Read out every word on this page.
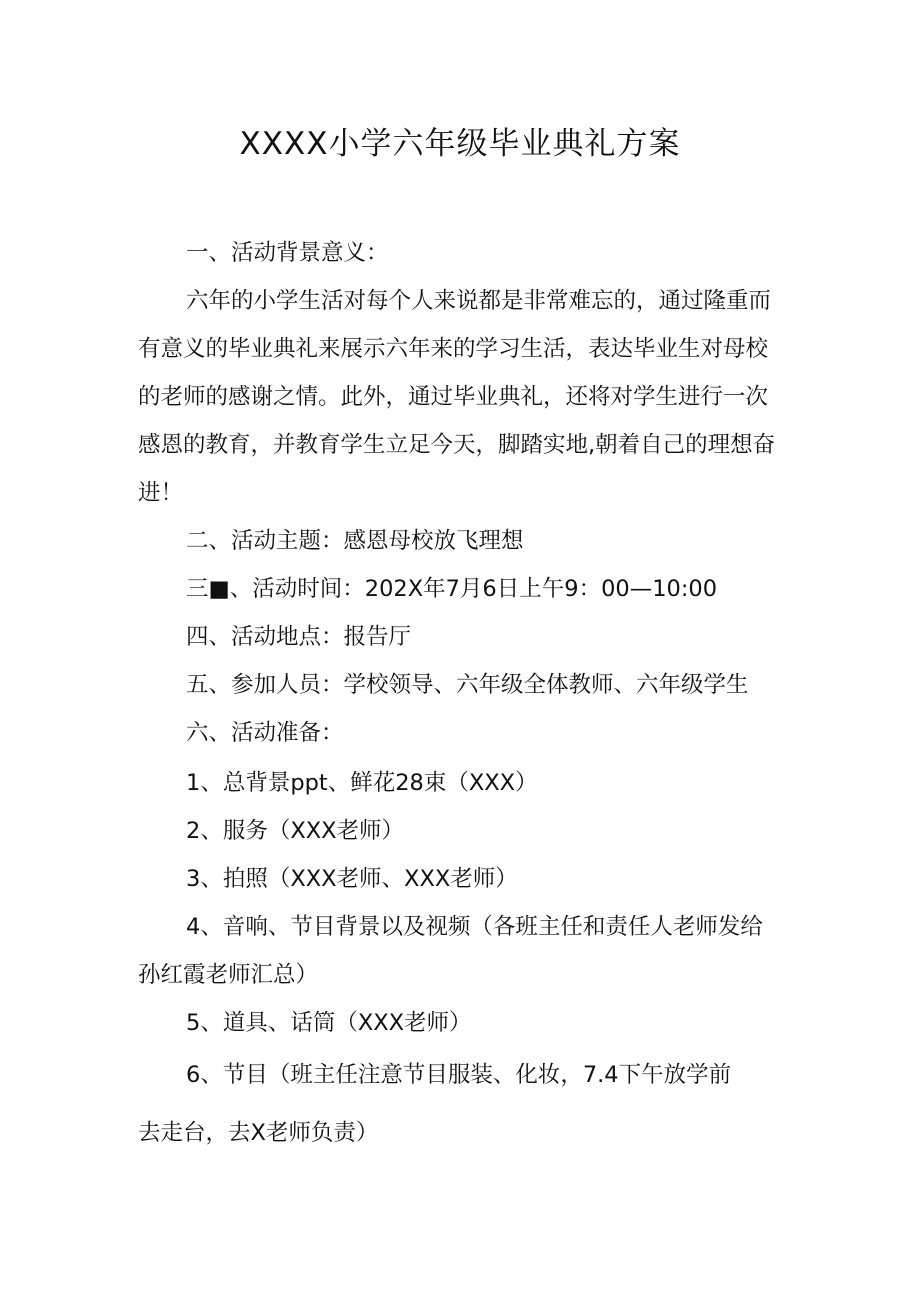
XXXX小学六年级毕业典礼方案
一、活动背景意义：
六年的小学生活对每个人来说都是非常难忘的，通过隆重而
有意义的毕业典礼来展示六年来的学习生活，表达毕业生对母校
的老师的感谢之情。此外，通过毕业典礼，还将对学生进行一次
感恩的教育，并教育学生立足今天，脚踏实地,朝着自己的理想奋
进！
二、活动主题：感恩母校放飞理想
三■、活动时间：202X年7月6日上午9：00—10:00
四、活动地点：报告厅
五、参加人员：学校领导、六年级全体教师、六年级学生
六、活动准备：
1、总背景ppt、鲜花28束（XXX）
2、服务（XXX老师）
3、拍照（XXX老师、XXX老师）
4、音响、节目背景以及视频（各班主任和责任人老师发给
孙红霞老师汇总）
5、道具、话筒（XXX老师）
6、节目（班主任注意节目服装、化妆，7.4下午放学前
去走台，去X老师负责）
